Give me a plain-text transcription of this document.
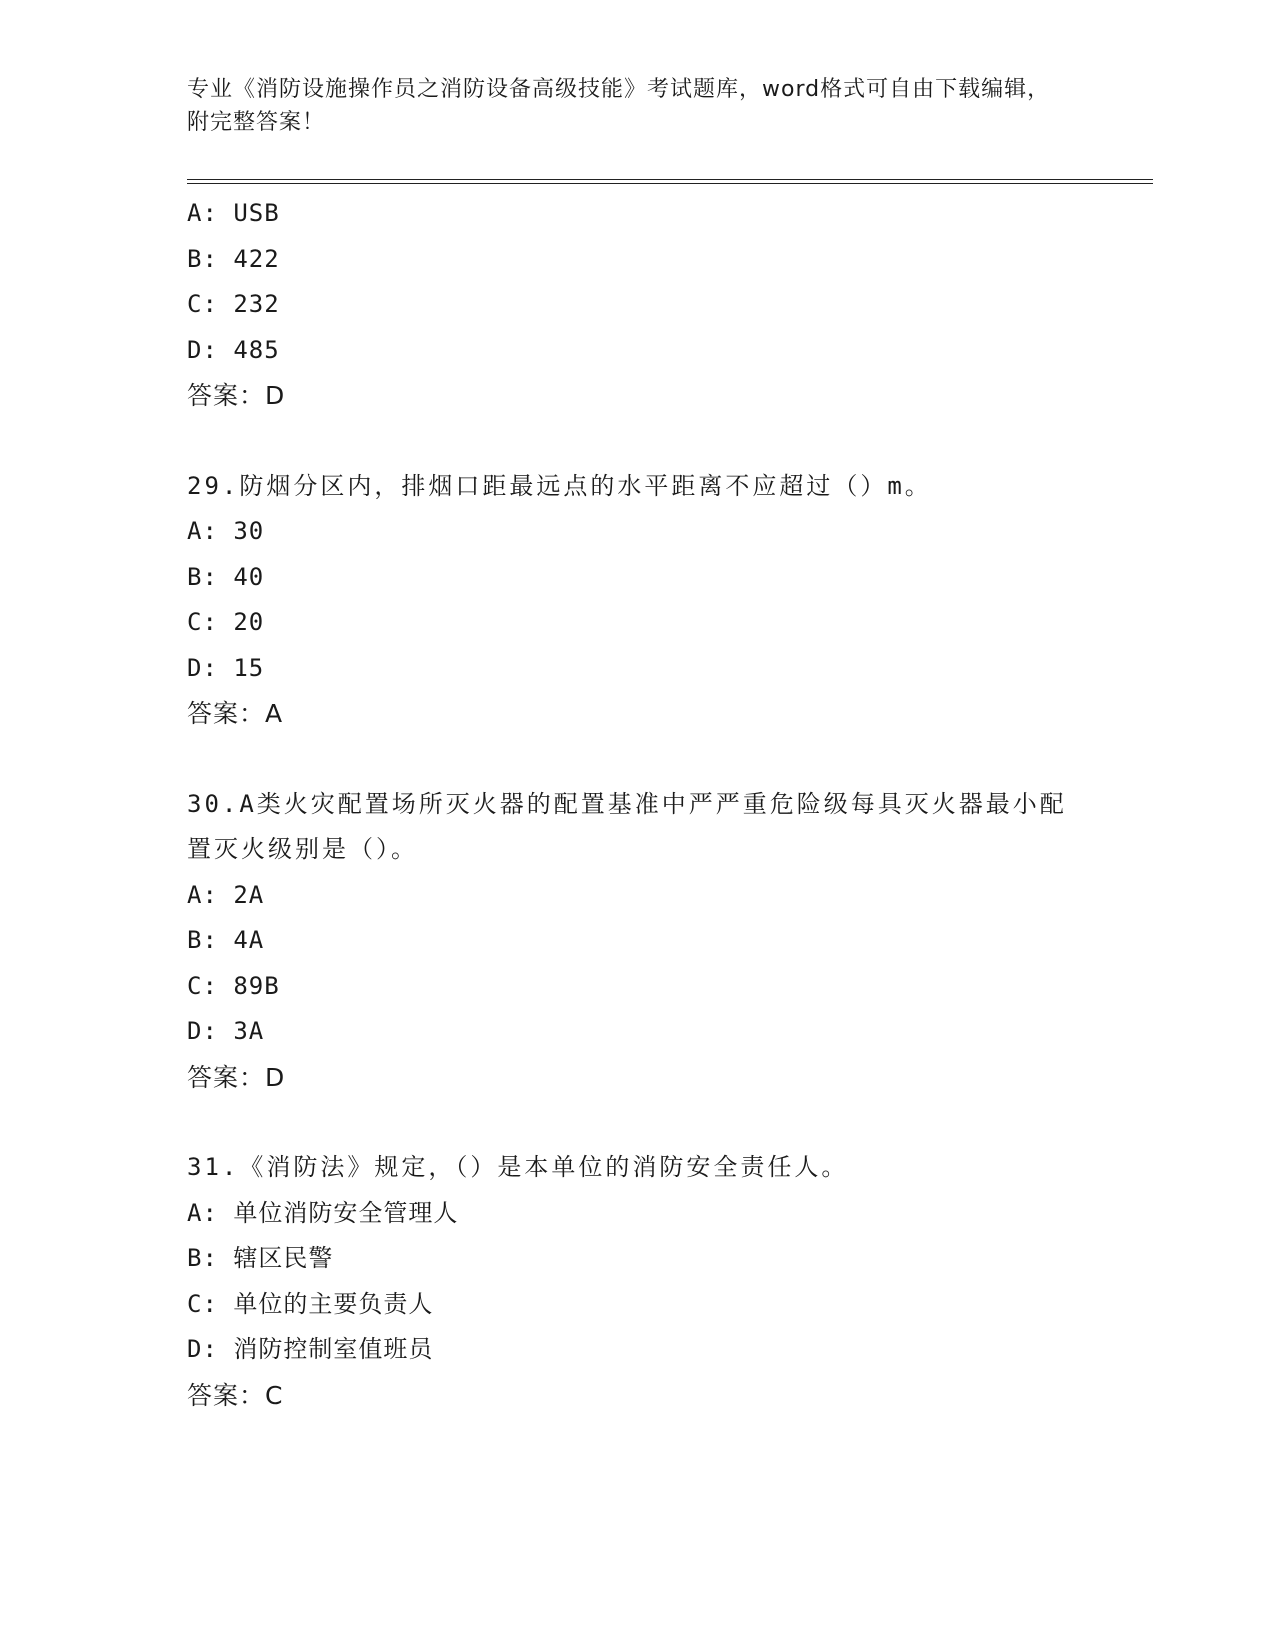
专业《消防设施操作员之消防设备高级技能》考试题库，word格式可自由下载编辑，附完整答案！
A: USB
B: 422
C: 232
D: 485
答案：D
29.防烟分区内，排烟口距最远点的水平距离不应超过（）m。
A: 30
B: 40
C: 20
D: 15
答案：A
30.A类火灾配置场所灭火器的配置基准中严严重危险级每具灭火器最小配置灭火级别是（）。
A: 2A
B: 4A
C: 89B
D: 3A
答案：D
31.《消防法》规定，（）是本单位的消防安全责任人。
A: 单位消防安全管理人
B: 辖区民警
C: 单位的主要负责人
D: 消防控制室值班员
答案：C
